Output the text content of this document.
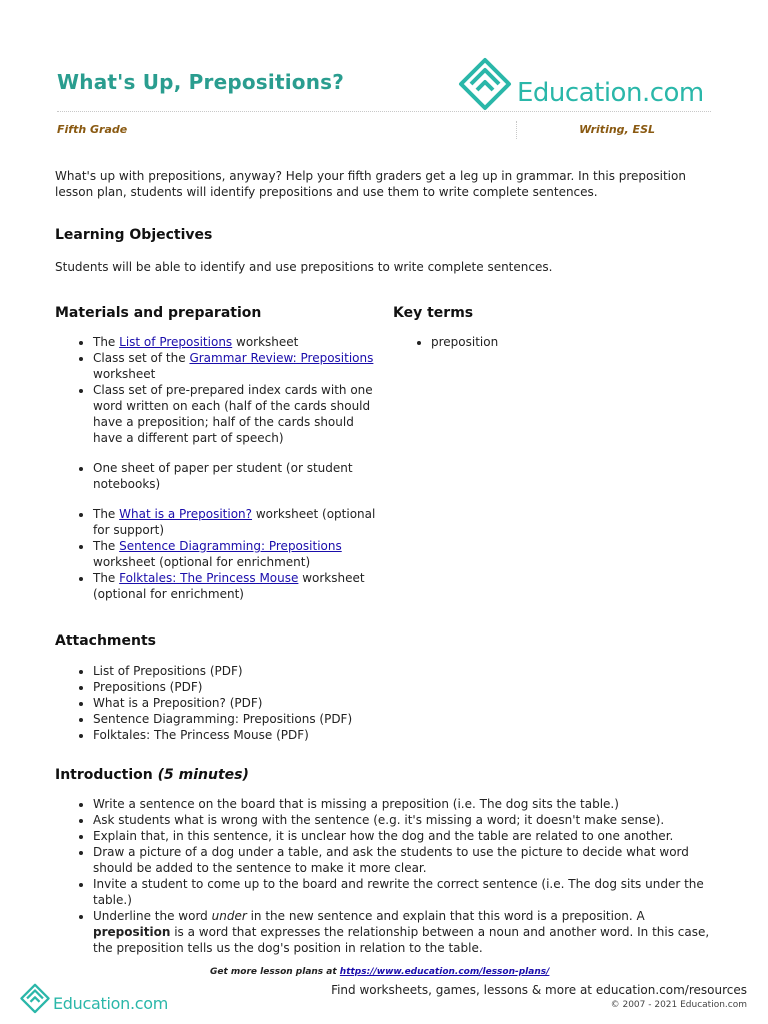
What's Up, Prepositions?	Education.com
Fifth Grade	Writing, ESL
What's up with prepositions, anyway? Help your fifth graders get a leg up in grammar. In this preposition lesson plan, students will identify prepositions and use them to write complete sentences.
Learning Objectives
Students will be able to identify and use prepositions to write complete sentences.
Materials and preparation
• The List of Prepositions worksheet
• Class set of the Grammar Review: Prepositions worksheet
• Class set of pre-prepared index cards with one word written on each (half of the cards should have a preposition; half of the cards should have a different part of speech)
• One sheet of paper per student (or student notebooks)
• The What is a Preposition? worksheet (optional for support)
• The Sentence Diagramming: Prepositions worksheet (optional for enrichment)
• The Folktales: The Princess Mouse worksheet (optional for enrichment)
Key terms
• preposition
Attachments
• List of Prepositions (PDF)
• Prepositions (PDF)
• What is a Preposition? (PDF)
• Sentence Diagramming: Prepositions (PDF)
• Folktales: The Princess Mouse (PDF)
Introduction (5 minutes)
• Write a sentence on the board that is missing a preposition (i.e. The dog sits the table.)
• Ask students what is wrong with the sentence (e.g. it's missing a word; it doesn't make sense).
• Explain that, in this sentence, it is unclear how the dog and the table are related to one another.
• Draw a picture of a dog under a table, and ask the students to use the picture to decide what word should be added to the sentence to make it more clear.
• Invite a student to come up to the board and rewrite the correct sentence (i.e. The dog sits under the table.)
• Underline the word under in the new sentence and explain that this word is a preposition. A preposition is a word that expresses the relationship between a noun and another word. In this case, the preposition tells us the dog's position in relation to the table.
Get more lesson plans at https://www.education.com/lesson-plans/
Education.com
Find worksheets, games, lessons & more at education.com/resources
© 2007 - 2021 Education.com
